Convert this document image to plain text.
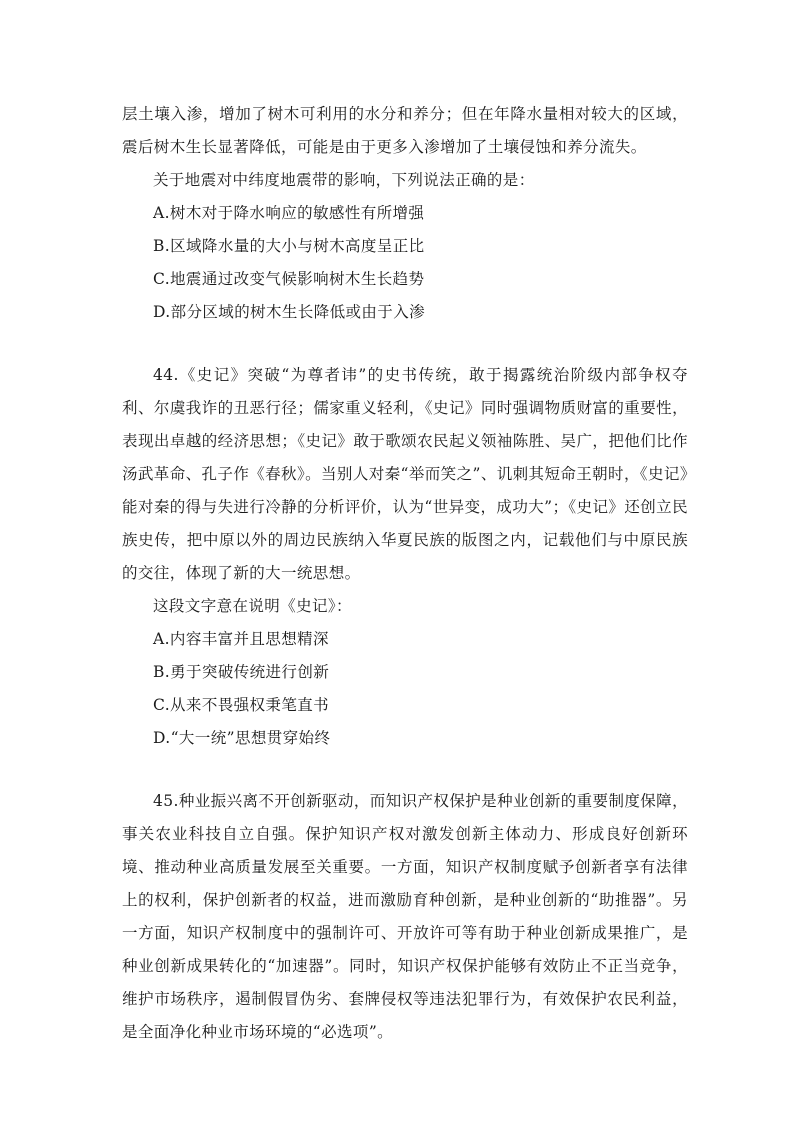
层土壤入渗，增加了树木可利用的水分和养分；但在年降水量相对较大的区域，震后树木生长显著降低，可能是由于更多入渗增加了土壤侵蚀和养分流失。

关于地震对中纬度地震带的影响，下列说法正确的是：

A.树木对于降水响应的敏感性有所增强

B.区域降水量的大小与树木高度呈正比

C.地震通过改变气候影响树木生长趋势

D.部分区域的树木生长降低或由于入渗

44.《史记》突破“为尊者讳”的史书传统，敢于揭露统治阶级内部争权夺利、尔虞我诈的丑恶行径；儒家重义轻利，《史记》同时强调物质财富的重要性，表现出卓越的经济思想；《史记》敢于歌颂农民起义领袖陈胜、吴广，把他们比作汤武革命、孔子作《春秋》。当别人对秦“举而笑之”、讥刺其短命王朝时，《史记》能对秦的得与失进行冷静的分析评价，认为“世异变，成功大”；《史记》还创立民族史传，把中原以外的周边民族纳入华夏民族的版图之内，记载他们与中原民族的交往，体现了新的大一统思想。

这段文字意在说明《史记》：

A.内容丰富并且思想精深

B.勇于突破传统进行创新

C.从来不畏强权秉笔直书

D.“大一统”思想贯穿始终

45.种业振兴离不开创新驱动，而知识产权保护是种业创新的重要制度保障，事关农业科技自立自强。保护知识产权对激发创新主体动力、形成良好创新环境、推动种业高质量发展至关重要。一方面，知识产权制度赋予创新者享有法律上的权利，保护创新者的权益，进而激励育种创新，是种业创新的“助推器”。另一方面，知识产权制度中的强制许可、开放许可等有助于种业创新成果推广，是种业创新成果转化的“加速器”。同时，知识产权保护能够有效防止不正当竞争，维护市场秩序，遏制假冒伪劣、套牌侵权等违法犯罪行为，有效保护农民利益，是全面净化种业市场环境的“必选项”。
